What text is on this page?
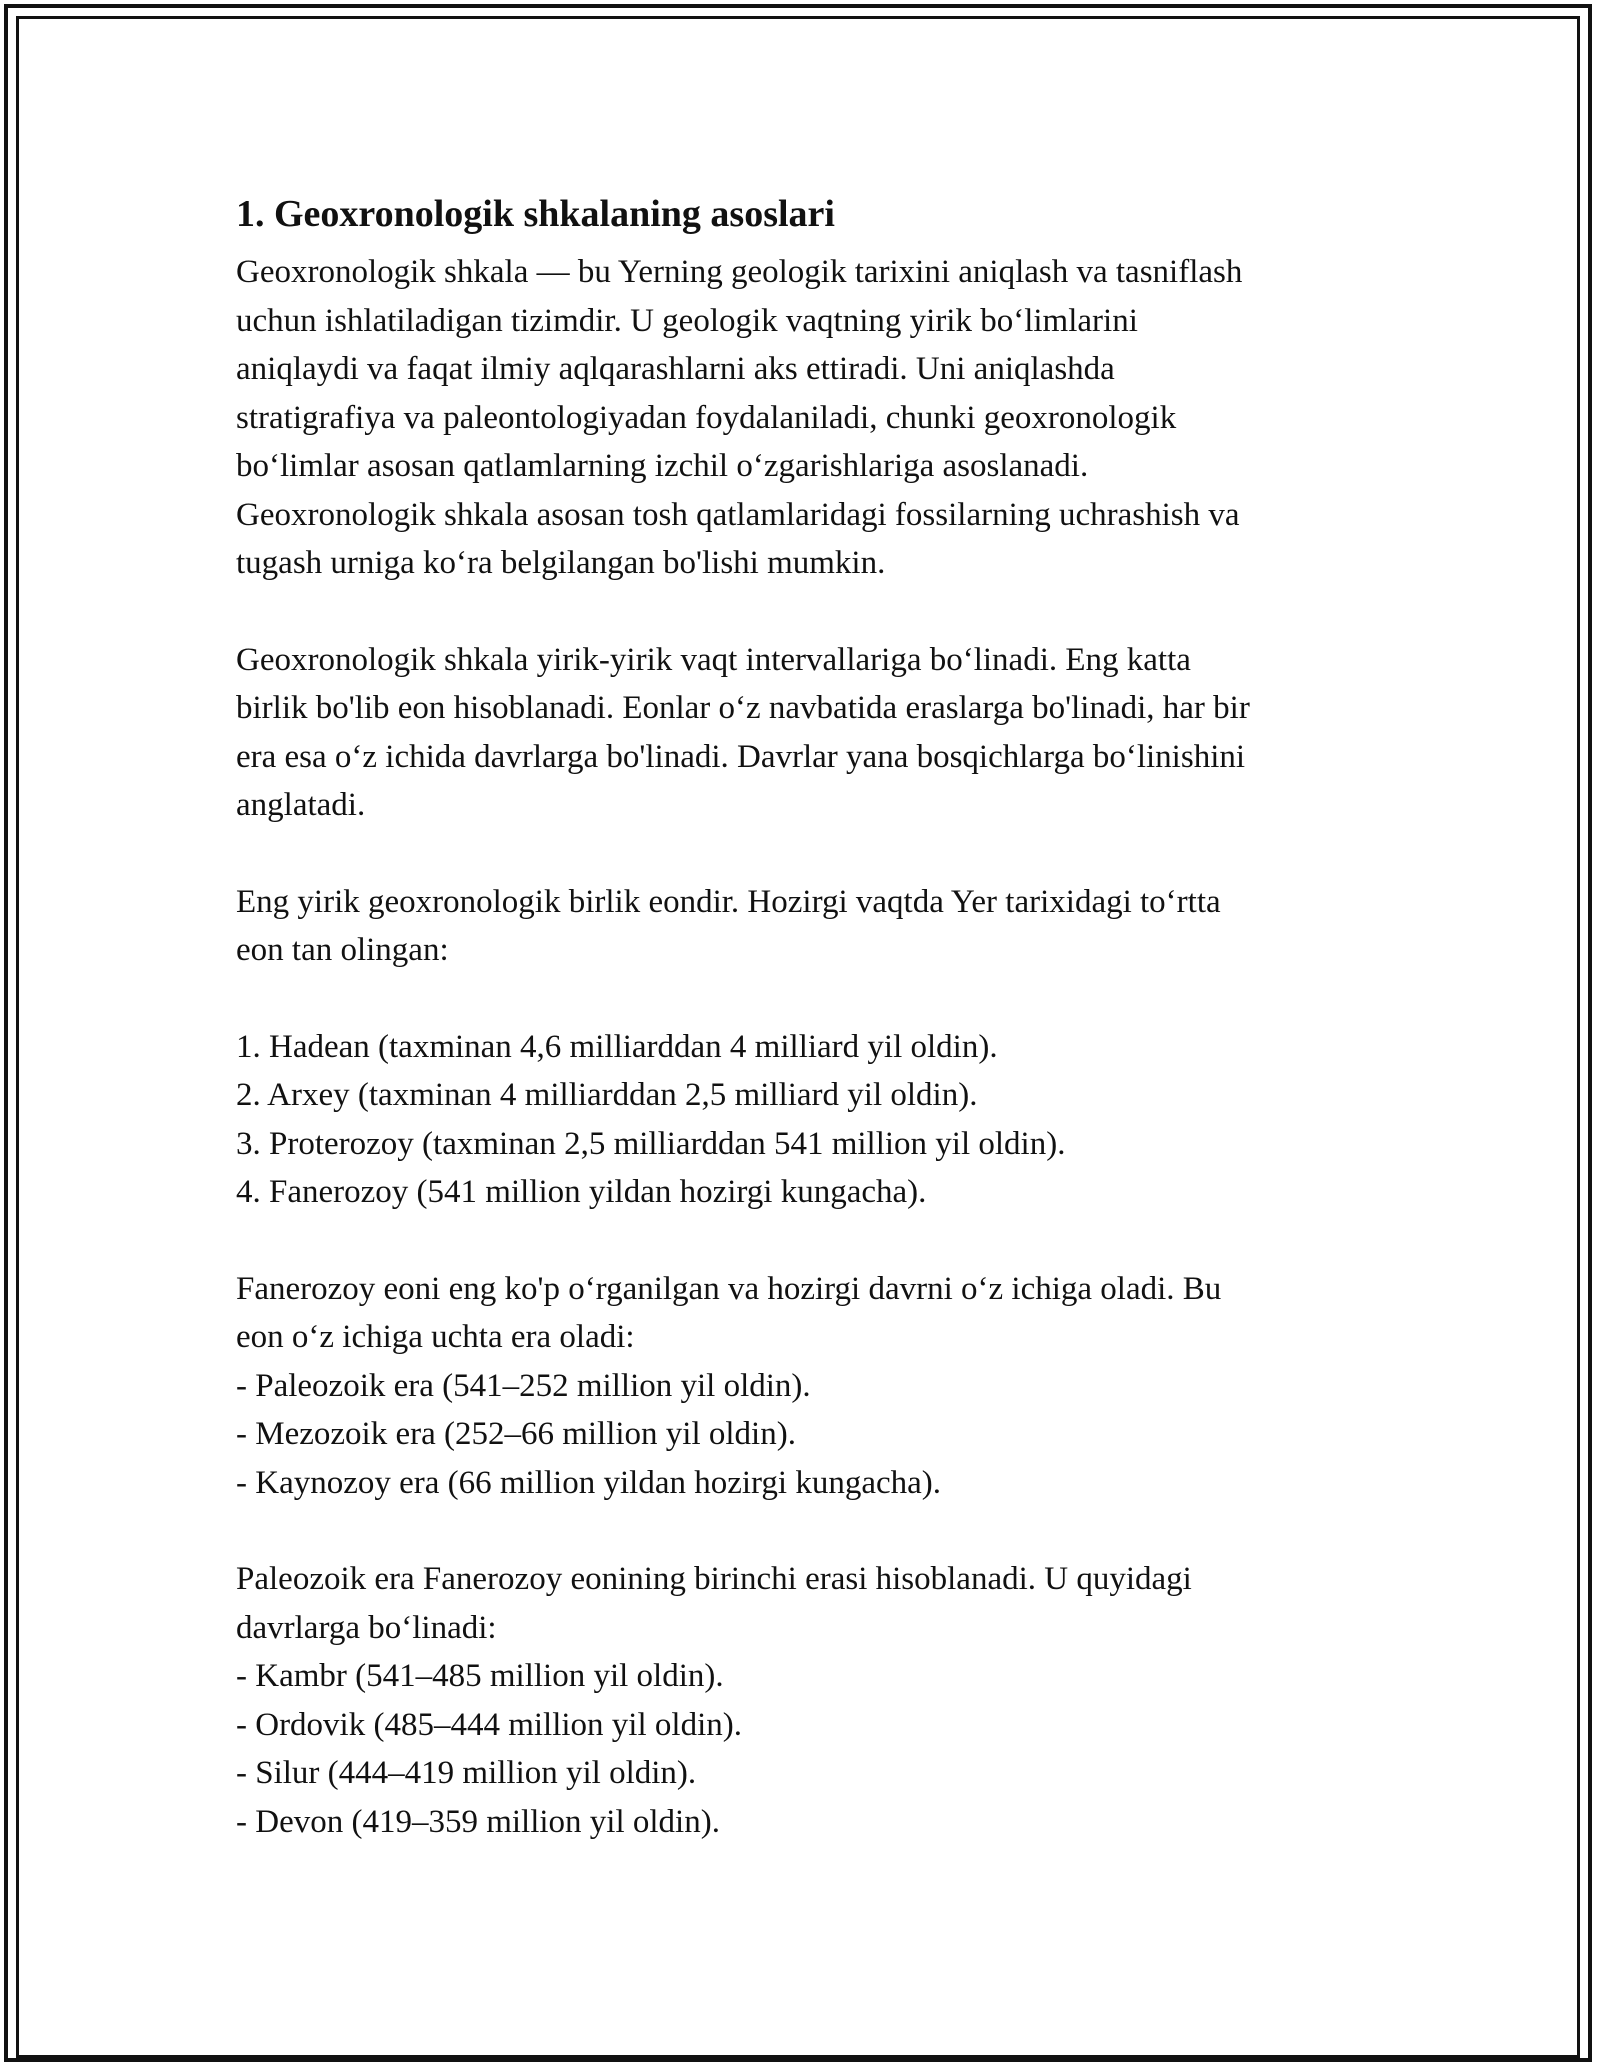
1. Geoxronologik shkalaning asoslari

Geoxronologik shkala — bu Yerning geologik tarixini aniqlash va tasniflash
uchun ishlatiladigan tizimdir. U geologik vaqtning yirik bo‘limlarini
aniqlaydi va faqat ilmiy aqlqarashlarni aks ettiradi. Uni aniqlashda
stratigrafiya va paleontologiyadan foydalaniladi, chunki geoxronologik
bo‘limlar asosan qatlamlarning izchil o‘zgarishlariga asoslanadi.
Geoxronologik shkala asosan tosh qatlamlaridagi fossilarning uchrashish va
tugash urniga ko‘ra belgilangan bo'lishi mumkin.

Geoxronologik shkala yirik-yirik vaqt intervallariga bo‘linadi. Eng katta
birlik bo'lib eon hisoblanadi. Eonlar o‘z navbatida eraslarga bo'linadi, har bir
era esa o‘z ichida davrlarga bo'linadi. Davrlar yana bosqichlarga bo‘linishini
anglatadi.

Eng yirik geoxronologik birlik eondir. Hozirgi vaqtda Yer tarixidagi to‘rtta
eon tan olingan:

1. Hadean (taxminan 4,6 milliarddan 4 milliard yil oldin).
2. Arxey (taxminan 4 milliarddan 2,5 milliard yil oldin).
3. Proterozoy (taxminan 2,5 milliarddan 541 million yil oldin).
4. Fanerozoy (541 million yildan hozirgi kungacha).

Fanerozoy eoni eng ko'p o‘rganilgan va hozirgi davrni o‘z ichiga oladi. Bu
eon o‘z ichiga uchta era oladi:
- Paleozoik era (541–252 million yil oldin).
- Mezozoik era (252–66 million yil oldin).
- Kaynozoy era (66 million yildan hozirgi kungacha).

Paleozoik era Fanerozoy eonining birinchi erasi hisoblanadi. U quyidagi
davrlarga bo‘linadi:
- Kambr (541–485 million yil oldin).
- Ordovik (485–444 million yil oldin).
- Silur (444–419 million yil oldin).
- Devon (419–359 million yil oldin).
